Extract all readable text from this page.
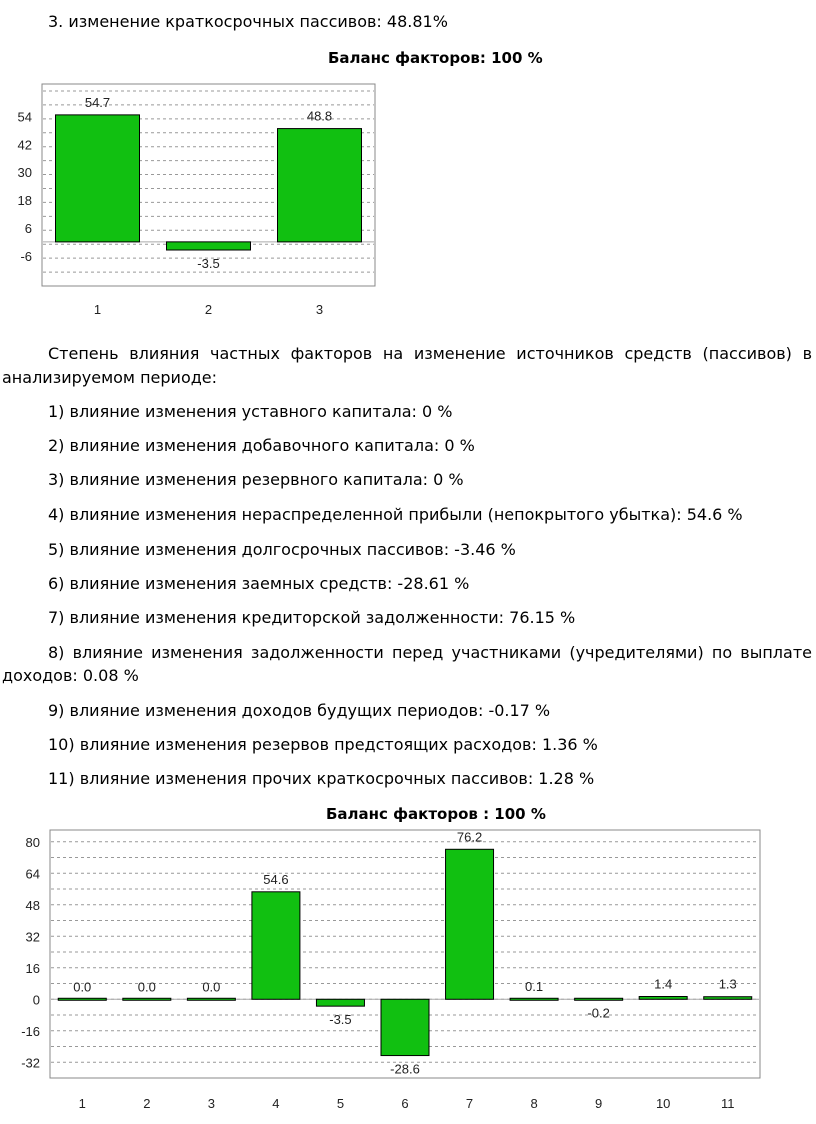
3. изменение краткосрочных пассивов: 48.81%
Баланс факторов: 100 %
54
42
30
18
6
-6
54.7
1
-3.5
2
48.8
3
Степень влияния частных факторов на изменение источников средств (пассивов) в
анализируемом периоде:
1) влияние изменения уставного капитала: 0 %
2) влияние изменения добавочного капитала: 0 %
3) влияние изменения резервного капитала: 0 %
4) влияние изменения нераспределенной прибыли (непокрытого убытка): 54.6 %
5) влияние изменения долгосрочных пассивов: -3.46 %
6) влияние изменения заемных средств: -28.61 %
7) влияние изменения кредиторской задолженности: 76.15 %
8) влияние изменения задолженности перед участниками (учредителями) по выплате
доходов: 0.08 %
9) влияние изменения доходов будущих периодов: -0.17 %
10) влияние изменения резервов предстоящих расходов: 1.36 %
11) влияние изменения прочих краткосрочных пассивов: 1.28 %
Баланс факторов : 100 %
80
64
48
32
16
0
-16
-32
0.0
1
0.0
2
0.0
3
54.6
4
-3.5
5
-28.6
6
76.2
7
0.1
8
-0.2
9
1.4
10
1.3
11
